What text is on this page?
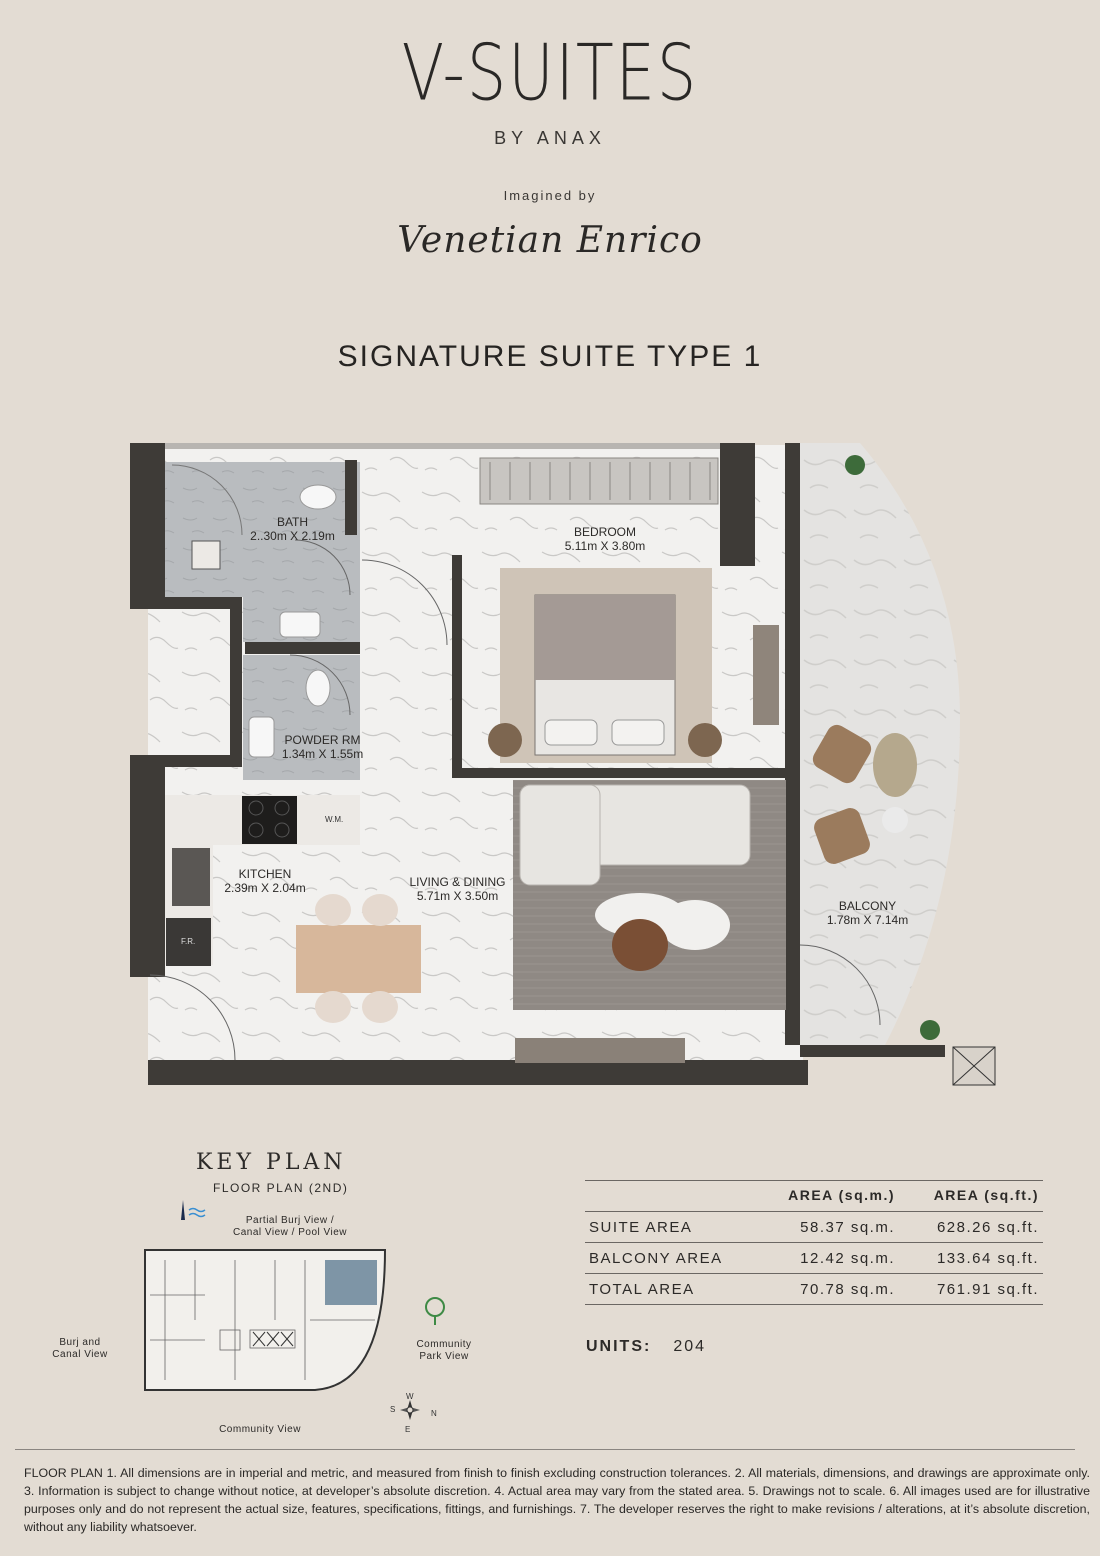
V-SUITES
BY ANAX
Imagined by
Venetian Enrico
SIGNATURE SUITE TYPE 1
BATH
2..30m X 2.19m	BEDROOM
5.11m X 3.80m
POWDER RM
1.34m X 1.55m
KITCHEN
2.39m X 2.04m	LIVING & DINING
5.71m X 3.50m
BALCONY
1.78m X 7.14m
W.M.
F.R.
KEY PLAN
FLOOR PLAN (2ND)
Partial Burj View /
Canal View / Pool View
Burj and
Canal View
Community
Park View
Community View
W
S	N
E
	AREA (sq.m.)	AREA (sq.ft.)
SUITE AREA	58.37 sq.m.	628.26 sq.ft.
BALCONY AREA	12.42 sq.m.	133.64 sq.ft.
TOTAL AREA	70.78 sq.m.	761.91 sq.ft.
UNITS: 204
FLOOR PLAN 1. All dimensions are in imperial and metric, and measured from finish to finish excluding construction tolerances. 2. All materials, dimensions, and drawings are approximate only. 3. Information is subject to change without notice, at developer’s absolute discretion. 4. Actual area may vary from the stated area. 5. Drawings not to scale. 6. All images used are for illustrative purposes only and do not represent the actual size, features, specifications, fittings, and furnishings. 7. The developer reserves the right to make revisions / alterations, at it’s absolute discretion, without any liability whatsoever.
